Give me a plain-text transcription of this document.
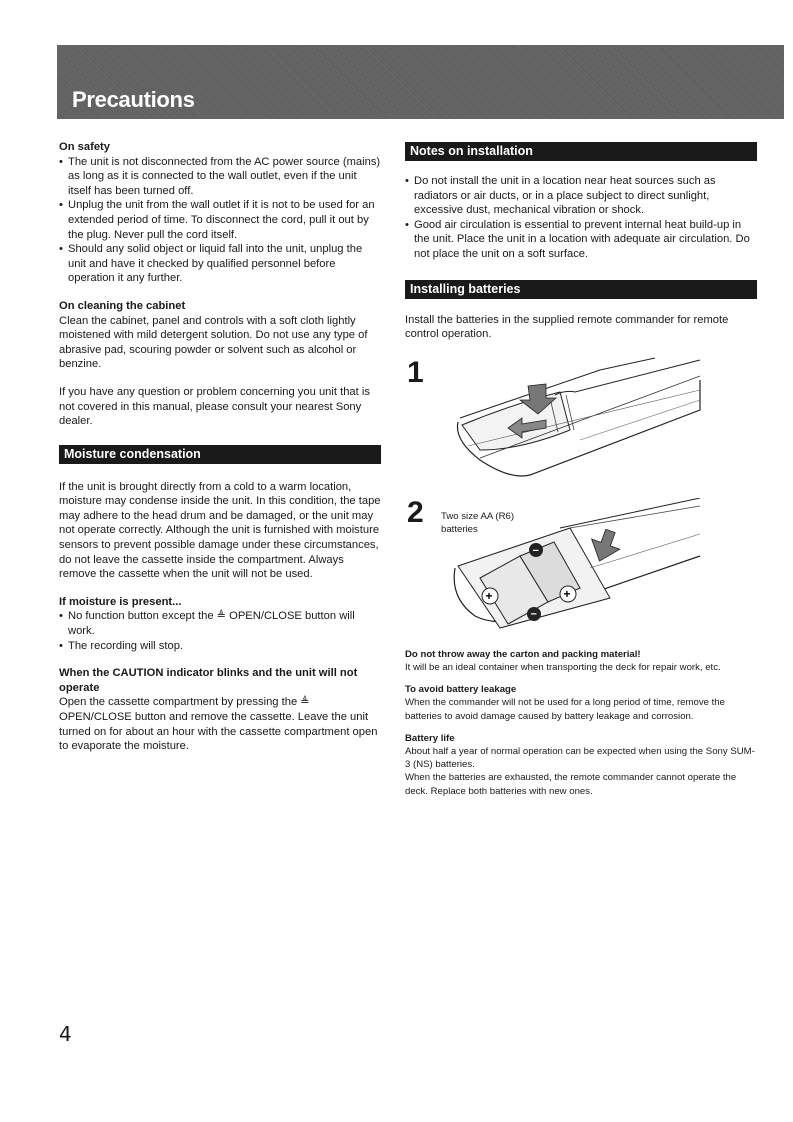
Precautions

On safety

• The unit is not disconnected from the AC power source (mains) as long as it is connected to the wall outlet, even if the unit itself has been turned off.
• Unplug the unit from the wall outlet if it is not to be used for an extended period of time. To disconnect the cord, pull it out by the plug. Never pull the cord itself.
• Should any solid object or liquid fall into the unit, unplug the unit and have it checked by qualified personnel before operation it any further.

On cleaning the cabinet

Clean the cabinet, panel and controls with a soft cloth lightly moistened with mild detergent solution. Do not use any type of abrasive pad, scouring powder or solvent such as alcohol or benzine.

If you have any question or problem concerning you unit that is not covered in this manual, please consult your nearest Sony dealer.

Moisture condensation

If the unit is brought directly from a cold to a warm location, moisture may condense inside the unit. In this condition, the tape may adhere to the head drum and be damaged, or the unit may not operate correctly. Although the unit is furnished with moisture sensors to prevent possible damage under these circumstances, do not leave the cassette inside the compartment. Always remove the cassette when the unit will not be used.

If moisture is present...

• No function button except the ≜ OPEN/CLOSE button will work.
• The recording will stop.

When the CAUTION indicator blinks and the unit will not operate

Open the cassette compartment by pressing the ≜ OPEN/CLOSE button and remove the cassette. Leave the unit turned on for about an hour with the cassette compartment open to evaporate the moisture.

Notes on installation
• Do not install the unit in a location near heat sources such as radiators or air ducts, or in a place subject to direct sunlight, excessive dust, mechanical vibration or shock.
• Good air circulation is essential to prevent internal heat build-up in the unit. Place the unit in a location with adequate air circulation. Do not place the unit on a soft surface.
Installing batteries

Install the batteries in the supplied remote commander for remote control operation.

1
2 Two size AA (R6)
batteries
+
−
−
+

Do not throw away the carton and packing material!

It will be an ideal container when transporting the deck for repair work, etc.

To avoid battery leakage

When the commander will not be used for a long period of time, remove the batteries to avoid damage caused by battery leakage and corrosion.

Battery life

About half a year of normal operation can be expected when using the Sony SUM-3 (NS) batteries.

When the batteries are exhausted, the remote commander cannot operate the deck. Replace both batteries with new ones.

4
